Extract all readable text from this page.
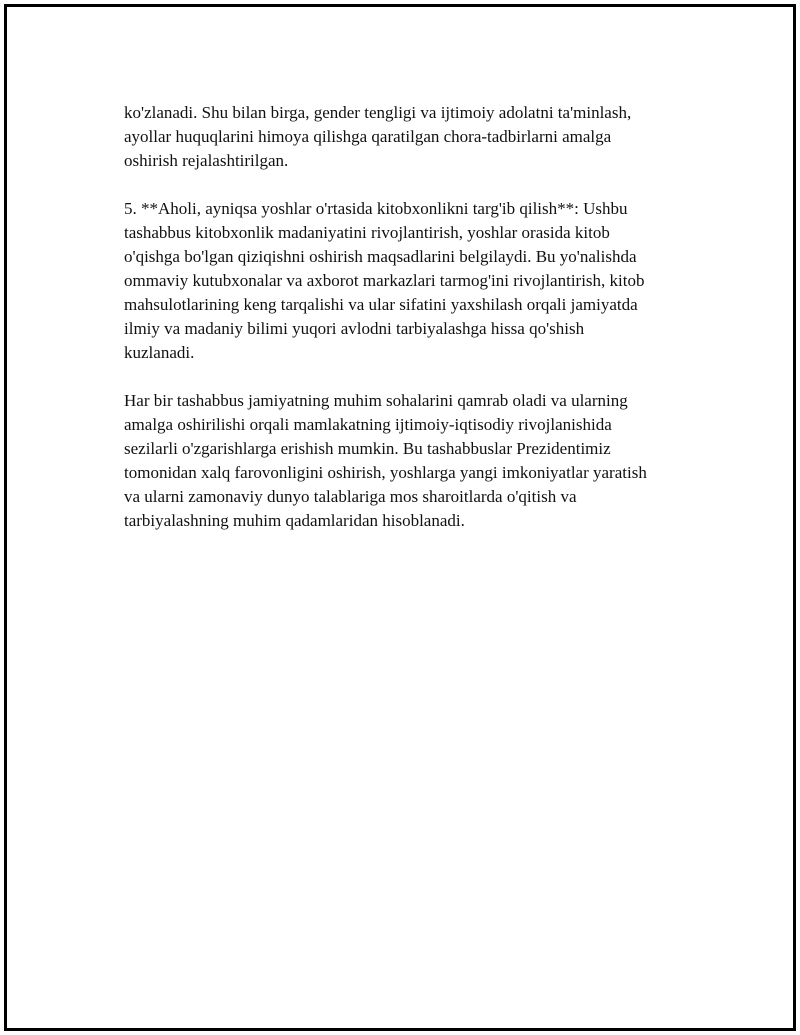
ko'zlanadi. Shu bilan birga, gender tengligi va ijtimoiy adolatni ta'minlash,
ayollar huquqlarini himoya qilishga qaratilgan chora-tadbirlarni amalga
oshirish rejalashtirilgan.

5. **Aholi, ayniqsa yoshlar o'rtasida kitobxonlikni targ'ib qilish**: Ushbu
tashabbus kitobxonlik madaniyatini rivojlantirish, yoshlar orasida kitob
o'qishga bo'lgan qiziqishni oshirish maqsadlarini belgilaydi. Bu yo'nalishda
ommaviy kutubxonalar va axborot markazlari tarmog'ini rivojlantirish, kitob
mahsulotlarining keng tarqalishi va ular sifatini yaxshilash orqali jamiyatda
ilmiy va madaniy bilimi yuqori avlodni tarbiyalashga hissa qo'shish
kuzlanadi.

Har bir tashabbus jamiyatning muhim sohalarini qamrab oladi va ularning
amalga oshirilishi orqali mamlakatning ijtimoiy-iqtisodiy rivojlanishida
sezilarli o'zgarishlarga erishish mumkin. Bu tashabbuslar Prezidentimiz
tomonidan xalq farovonligini oshirish, yoshlarga yangi imkoniyatlar yaratish
va ularni zamonaviy dunyo talablariga mos sharoitlarda o'qitish va
tarbiyalashning muhim qadamlaridan hisoblanadi.
